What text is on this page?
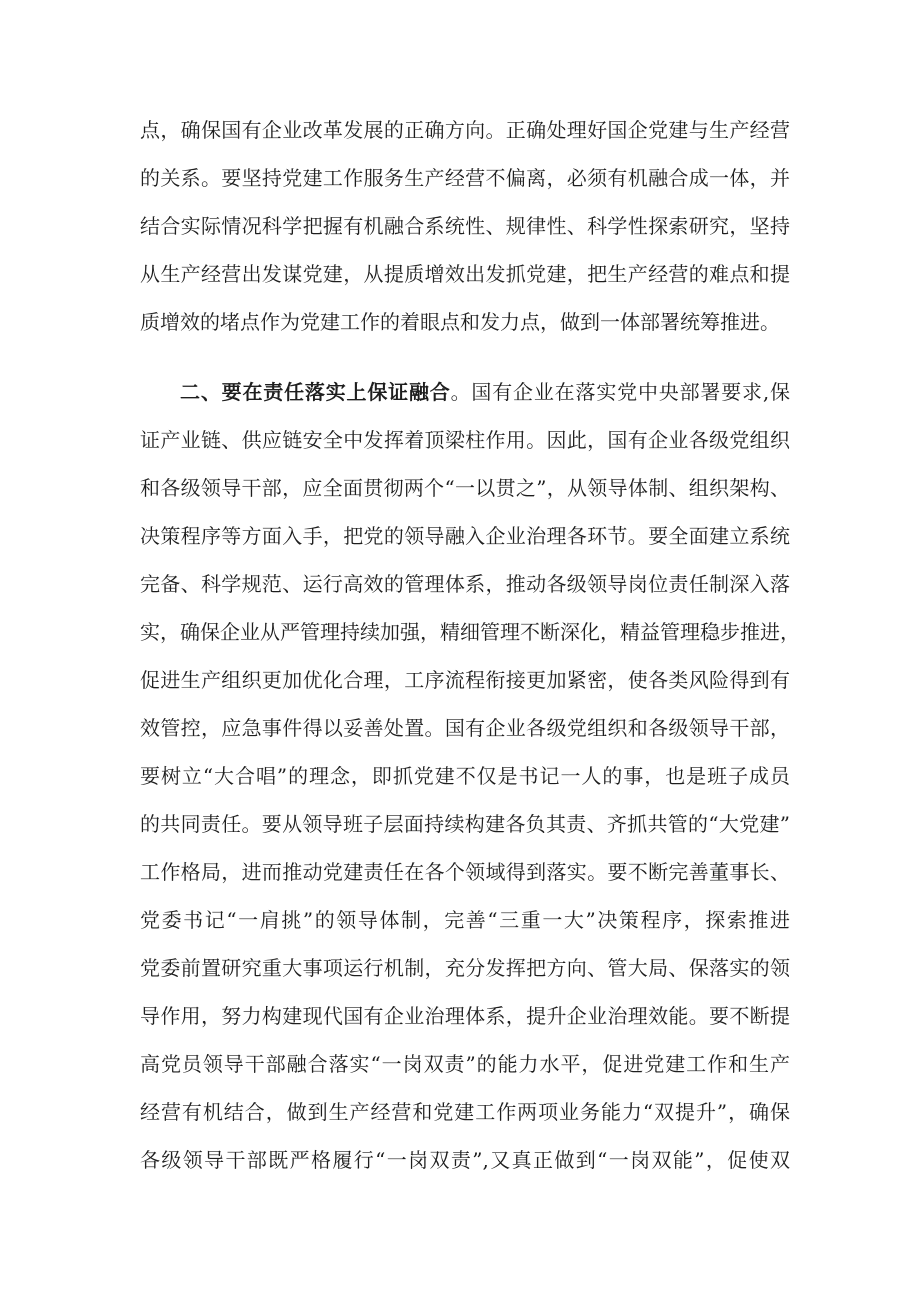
点，确保国有企业改革发展的正确方向。正确处理好国企党建与生产经营
的关系。要坚持党建工作服务生产经营不偏离，必须有机融合成一体，并
结合实际情况科学把握有机融合系统性、规律性、科学性探索研究，坚持
从生产经营出发谋党建，从提质增效出发抓党建，把生产经营的难点和提
质增效的堵点作为党建工作的着眼点和发力点，做到一体部署统筹推进。
二、要在责任落实上保证融合。国有企业在落实党中央部署要求,保
证产业链、供应链安全中发挥着顶梁柱作用。因此，国有企业各级党组织
和各级领导干部，应全面贯彻两个“一以贯之”，从领导体制、组织架构、
决策程序等方面入手，把党的领导融入企业治理各环节。要全面建立系统
完备、科学规范、运行高效的管理体系，推动各级领导岗位责任制深入落
实，确保企业从严管理持续加强，精细管理不断深化，精益管理稳步推进，
促进生产组织更加优化合理，工序流程衔接更加紧密，使各类风险得到有
效管控，应急事件得以妥善处置。国有企业各级党组织和各级领导干部，
要树立“大合唱”的理念，即抓党建不仅是书记一人的事，也是班子成员
的共同责任。要从领导班子层面持续构建各负其责、齐抓共管的“大党建”
工作格局，进而推动党建责任在各个领域得到落实。要不断完善董事长、
党委书记“一肩挑”的领导体制，完善“三重一大”决策程序，探索推进
党委前置研究重大事项运行机制，充分发挥把方向、管大局、保落实的领
导作用，努力构建现代国有企业治理体系，提升企业治理效能。要不断提
高党员领导干部融合落实“一岗双责”的能力水平，促进党建工作和生产
经营有机结合，做到生产经营和党建工作两项业务能力“双提升”，确保
各级领导干部既严格履行“一岗双责”,又真正做到“一岗双能”，促使双
